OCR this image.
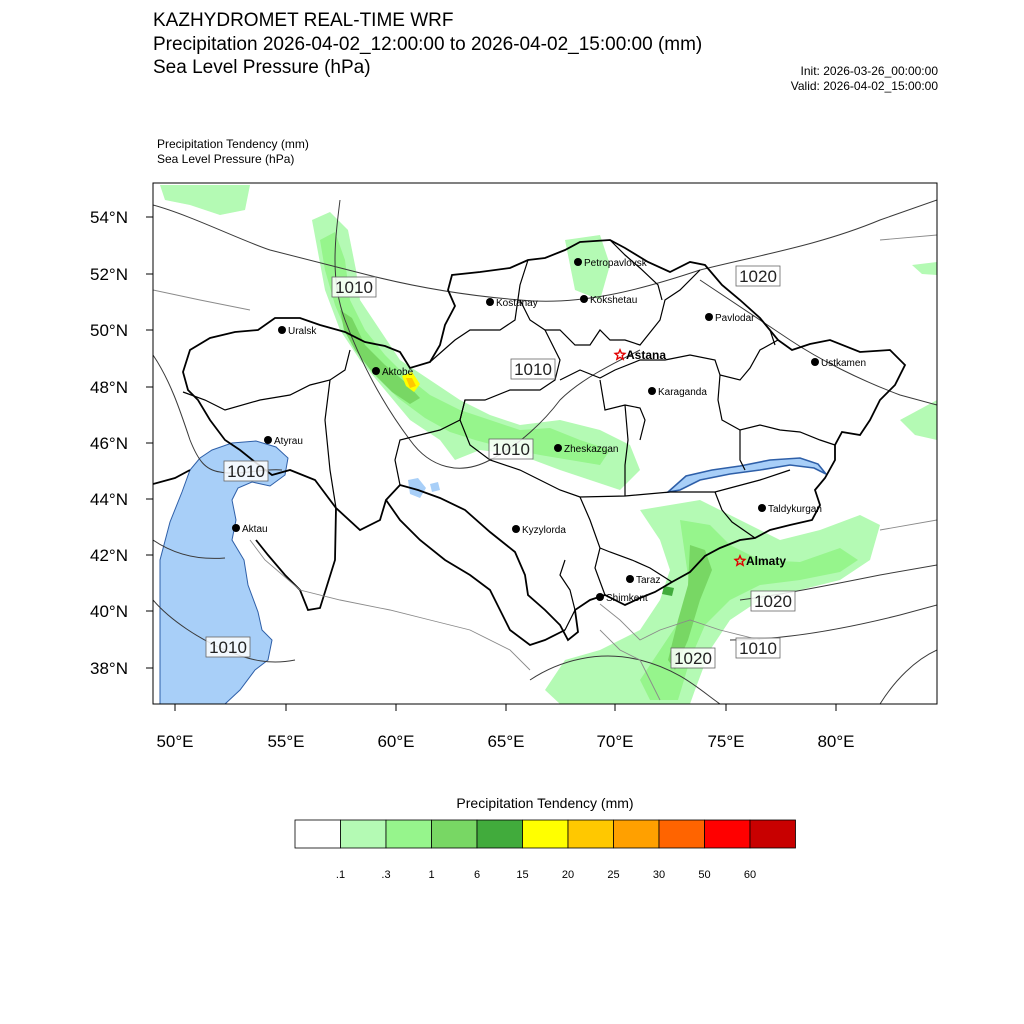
KAZHYDROMET REAL-TIME WRF
Precipitation 2026-04-02_12:00:00 to 2026-04-02_15:00:00 (mm)
Sea Level Pressure (hPa)	Init: 2026-03-26_00:00:00
Valid: 2026-04-02_15:00:00
Precipitation Tendency (mm)
Sea Level Pressure (hPa)
1010
1020
1010
1010
1010
1010
1020
1020
1010
Petropavlovsk
Kostanay	Kokshetau
Pavlodar
Uralsk
Astana
Aktobe
Ustkamen
Karaganda
Atyrau
Zheskazgan
Taldykurgan
Aktau	Kyzylorda
Almaty
Taraz
Shimkent
54°N
52°N
50°N
48°N
46°N
44°N
42°N
40°N
38°N
50°E	55°E	60°E	65°E	70°E	75°E	80°E
.1	.3	1	6	15	20	25	30	50	60
Precipitation Tendency (mm)
